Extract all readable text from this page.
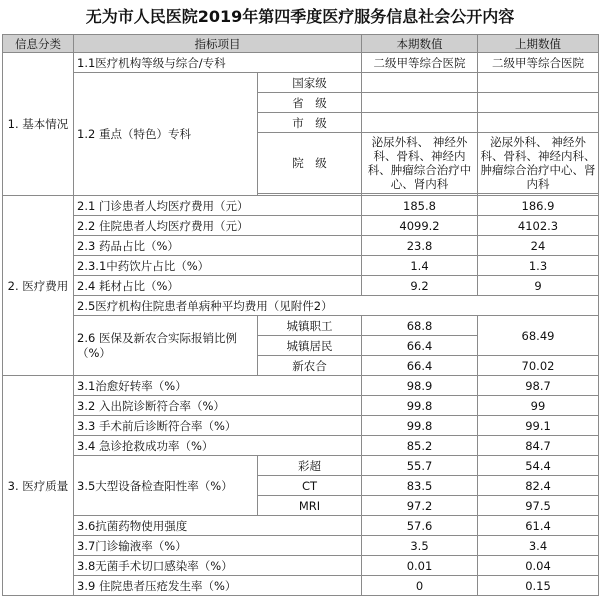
无为市人民医院2019年第四季度医疗服务信息社会公开内容
信息分类	指标项目		本期数值	上期数值
1. 基本情况	1.1医疗机构等级与综合/专科		二级甲等综合医院	二级甲等综合医院
	1.2 重点（特色）专科	国家级		
		省　级		
		市　级		
		院　级	泌尿外科、 神经外科、骨科、神经内科、肿瘤综合治疗中心、肾内科	泌尿外科、 神经外科、骨科、神经内科、肿瘤综合治疗中心、肾内科

2. 医疗费用	2.1 门诊患者人均医疗费用（元）		185.8	186.9
	2.2 住院患者人均医疗费用（元）		4099.2	4102.3
	2.3 药品占比（%）		23.8	24
	2.3.1中药饮片占比（%）		1.4	1.3
	2.4 耗材占比（%）		9.2	9
	2.5医疗机构住院患者单病种平均费用（见附件2）			
	2.6 医保及新农合实际报销比例（%）	城镇职工	68.8	68.49
		城镇居民	66.4	
		新农合	66.4	70.02
3. 医疗质量	3.1治愈好转率（%）		98.9	98.7
	3.2 入出院诊断符合率（%）		99.8	99
	3.3 手术前后诊断符合率（%）		99.8	99.1
	3.4 急诊抢救成功率（%）		85.2	84.7
	3.5大型设备检查阳性率（%）	彩超	55.7	54.4
		CT	83.5	82.4
		MRI	97.2	97.5
	3.6抗菌药物使用强度		57.6	61.4
	3.7门诊输液率（%）		3.5	3.4
	3.8无菌手术切口感染率（%）		0.01	0.04
	3.9 住院患者压疮发生率（%）		0	0.15
